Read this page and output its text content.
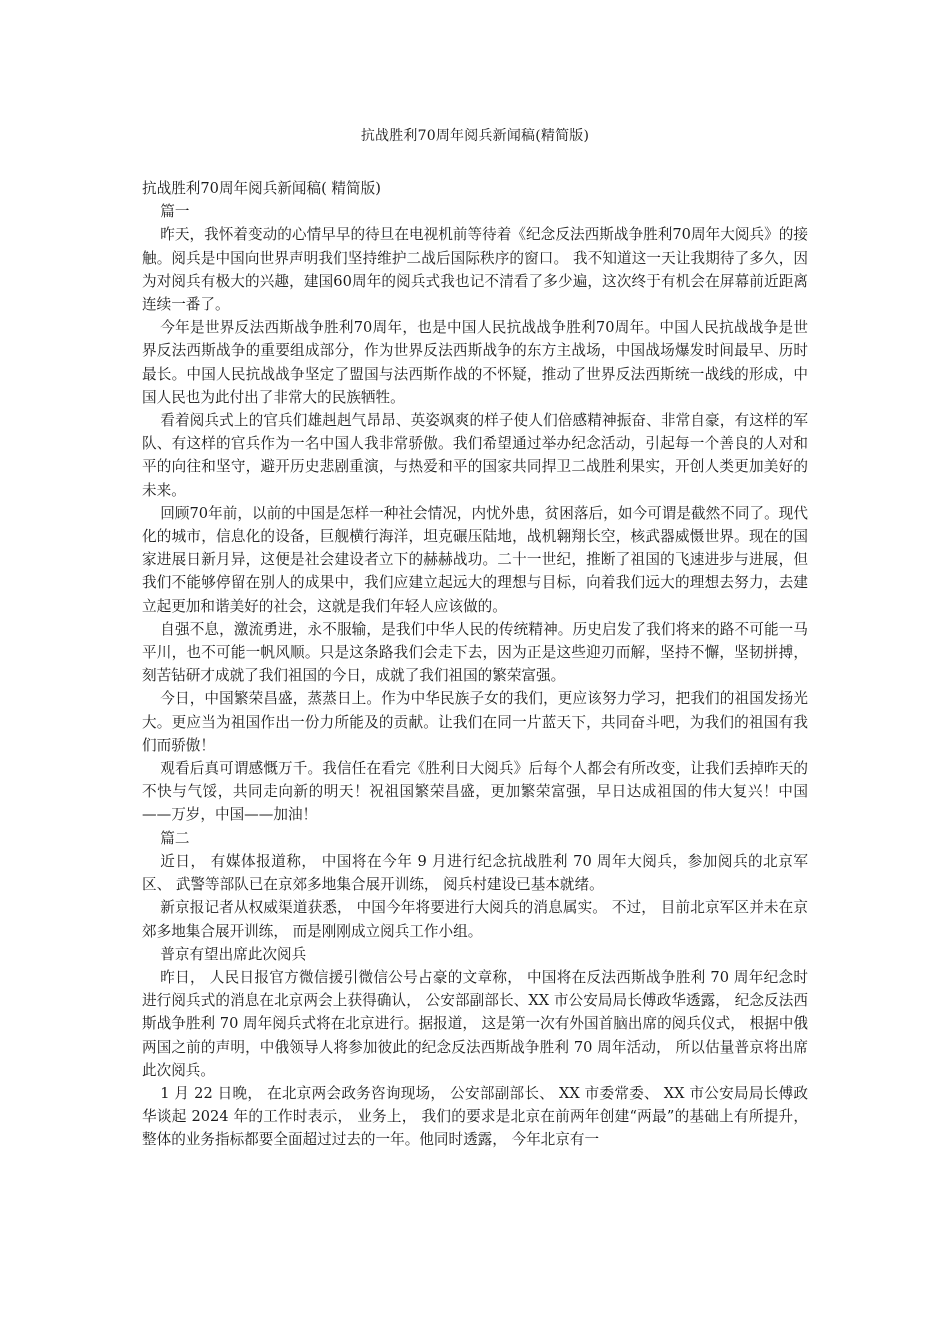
抗战胜利70周年阅兵新闻稿(精简版)

抗战胜利70周年阅兵新闻稿( 精简版)

篇一

昨天，我怀着变动的心情早早的待旦在电视机前等待着《纪念反法西斯战争胜利70周年大阅兵》的接触。阅兵是中国向世界声明我们坚持维护二战后国际秩序的窗口。 我不知道这一天让我期待了多久，因为对阅兵有极大的兴趣，建国60周年的阅兵式我也记不清看了多少遍，这次终于有机会在屏幕前近距离连续一番了。

今年是世界反法西斯战争胜利70周年，也是中国人民抗战战争胜利70周年。中国人民抗战战争是世界反法西斯战争的重要组成部分，作为世界反法西斯战争的东方主战场，中国战场爆发时间最早、历时最长。中国人民抗战战争坚定了盟国与法西斯作战的不怀疑，推动了世界反法西斯统一战线的形成，中国人民也为此付出了非常大的民族牺牲。

看着阅兵式上的官兵们雄赳赳气昂昂、英姿飒爽的样子使人们倍感精神振奋、非常自豪，有这样的军队、有这样的官兵作为一名中国人我非常骄傲。我们希望通过举办纪念活动，引起每一个善良的人对和平的向往和坚守，避开历史悲剧重演，与热爱和平的国家共同捍卫二战胜利果实，开创人类更加美好的未来。

回顾70年前，以前的中国是怎样一种社会情况，内忧外患，贫困落后，如今可谓是截然不同了。现代化的城市，信息化的设备，巨舰横行海洋，坦克碾压陆地，战机翱翔长空，核武器威慑世界。现在的国家进展日新月异，这便是社会建设者立下的赫赫战功。二十一世纪，推断了祖国的飞速进步与进展，但我们不能够停留在别人的成果中，我们应建立起远大的理想与目标，向着我们远大的理想去努力，去建立起更加和谐美好的社会，这就是我们年轻人应该做的。

自强不息，激流勇进，永不服输，是我们中华人民的传统精神。历史启发了我们将来的路不可能一马平川，也不可能一帆风顺。只是这条路我们会走下去，因为正是这些迎刃而解，坚持不懈，坚韧拼搏，刻苦钻研才成就了我们祖国的今日，成就了我们祖国的繁荣富强。

今日，中国繁荣昌盛，蒸蒸日上。作为中华民族子女的我们，更应该努力学习，把我们的祖国发扬光大。更应当为祖国作出一份力所能及的贡献。让我们在同一片蓝天下，共同奋斗吧，为我们的祖国有我们而骄傲！

观看后真可谓感慨万千。我信任在看完《胜利日大阅兵》后每个人都会有所改变，让我们丢掉昨天的不快与气馁，共同走向新的明天！祝祖国繁荣昌盛，更加繁荣富强，早日达成祖国的伟大复兴！中国——万岁，中国——加油！

篇二

近日， 有媒体报道称， 中国将在今年 9 月进行纪念抗战胜利 70 周年大阅兵，参加阅兵的北京军区、 武警等部队已在京郊多地集合展开训练， 阅兵村建设已基本就绪。

新京报记者从权威渠道获悉， 中国今年将要进行大阅兵的消息属实。 不过， 目前北京军区并未在京郊多地集合展开训练， 而是刚刚成立阅兵工作小组。

普京有望出席此次阅兵

昨日， 人民日报官方微信援引微信公号占豪的文章称， 中国将在反法西斯战争胜利 70 周年纪念时进行阅兵式的消息在北京两会上获得确认， 公安部副部长、XX 市公安局局长傅政华透露， 纪念反法西斯战争胜利 70 周年阅兵式将在北京进行。据报道， 这是第一次有外国首脑出席的阅兵仪式， 根据中俄两国之前的声明，中俄领导人将参加彼此的纪念反法西斯战争胜利 70 周年活动， 所以估量普京将出席此次阅兵。

1 月 22 日晚， 在北京两会政务咨询现场， 公安部副部长、 XX 市委常委、 XX 市公安局局长傅政华谈起 2024 年的工作时表示， 业务上， 我们的要求是北京在前两年创建“两最”的基础上有所提升， 整体的业务指标都要全面超过过去的一年。他同时透露， 今年北京有一
